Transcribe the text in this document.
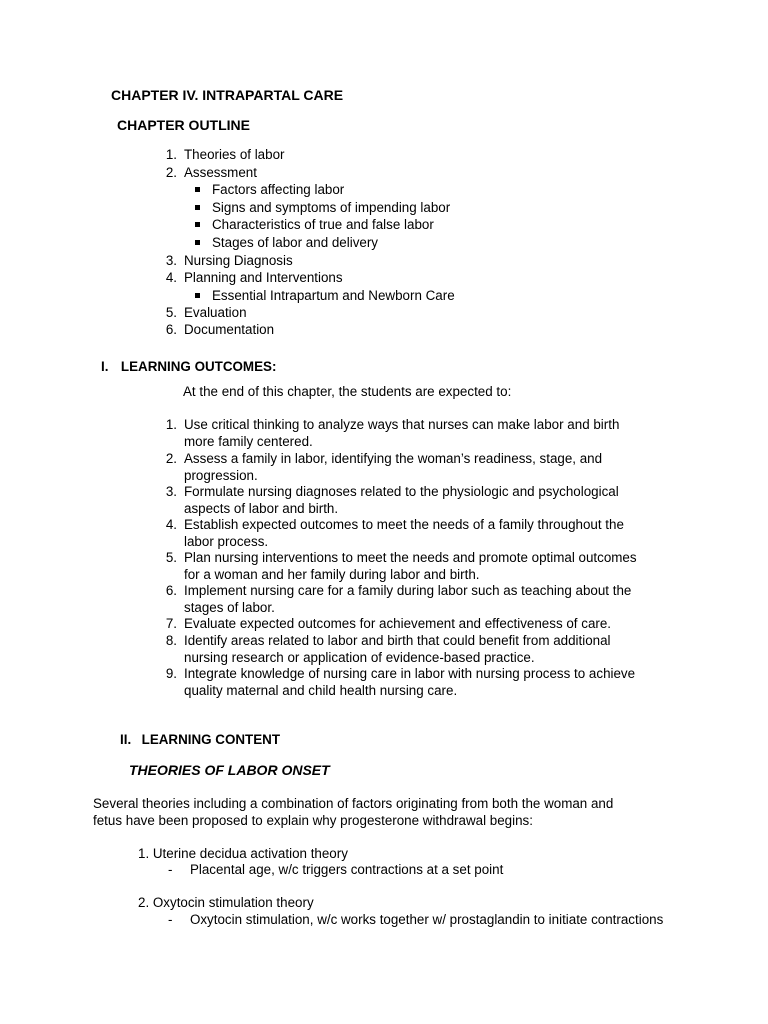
CHAPTER IV. INTRAPARTAL CARE
CHAPTER OUTLINE
1. Theories of labor
2. Assessment
Factors affecting labor
Signs and symptoms of impending labor
Characteristics of true and false labor
Stages of labor and delivery
3. Nursing Diagnosis
4. Planning and Interventions
Essential Intrapartum and Newborn Care
5. Evaluation
6. Documentation
I. LEARNING OUTCOMES:
At the end of this chapter, the students are expected to:
1. Use critical thinking to analyze ways that nurses can make labor and birth
more family centered.
2. Assess a family in labor, identifying the woman’s readiness, stage, and
progression.
3. Formulate nursing diagnoses related to the physiologic and psychological
aspects of labor and birth.
4. Establish expected outcomes to meet the needs of a family throughout the
labor process.
5. Plan nursing interventions to meet the needs and promote optimal outcomes
for a woman and her family during labor and birth.
6. Implement nursing care for a family during labor such as teaching about the
stages of labor.
7. Evaluate expected outcomes for achievement and effectiveness of care.
8. Identify areas related to labor and birth that could benefit from additional
nursing research or application of evidence-based practice.
9. Integrate knowledge of nursing care in labor with nursing process to achieve
quality maternal and child health nursing care.
II. LEARNING CONTENT
THEORIES OF LABOR ONSET
Several theories including a combination of factors originating from both the woman and
fetus have been proposed to explain why progesterone withdrawal begins:
1. Uterine decidua activation theory
- Placental age, w/c triggers contractions at a set point
2. Oxytocin stimulation theory
- Oxytocin stimulation, w/c works together w/ prostaglandin to initiate contractions
